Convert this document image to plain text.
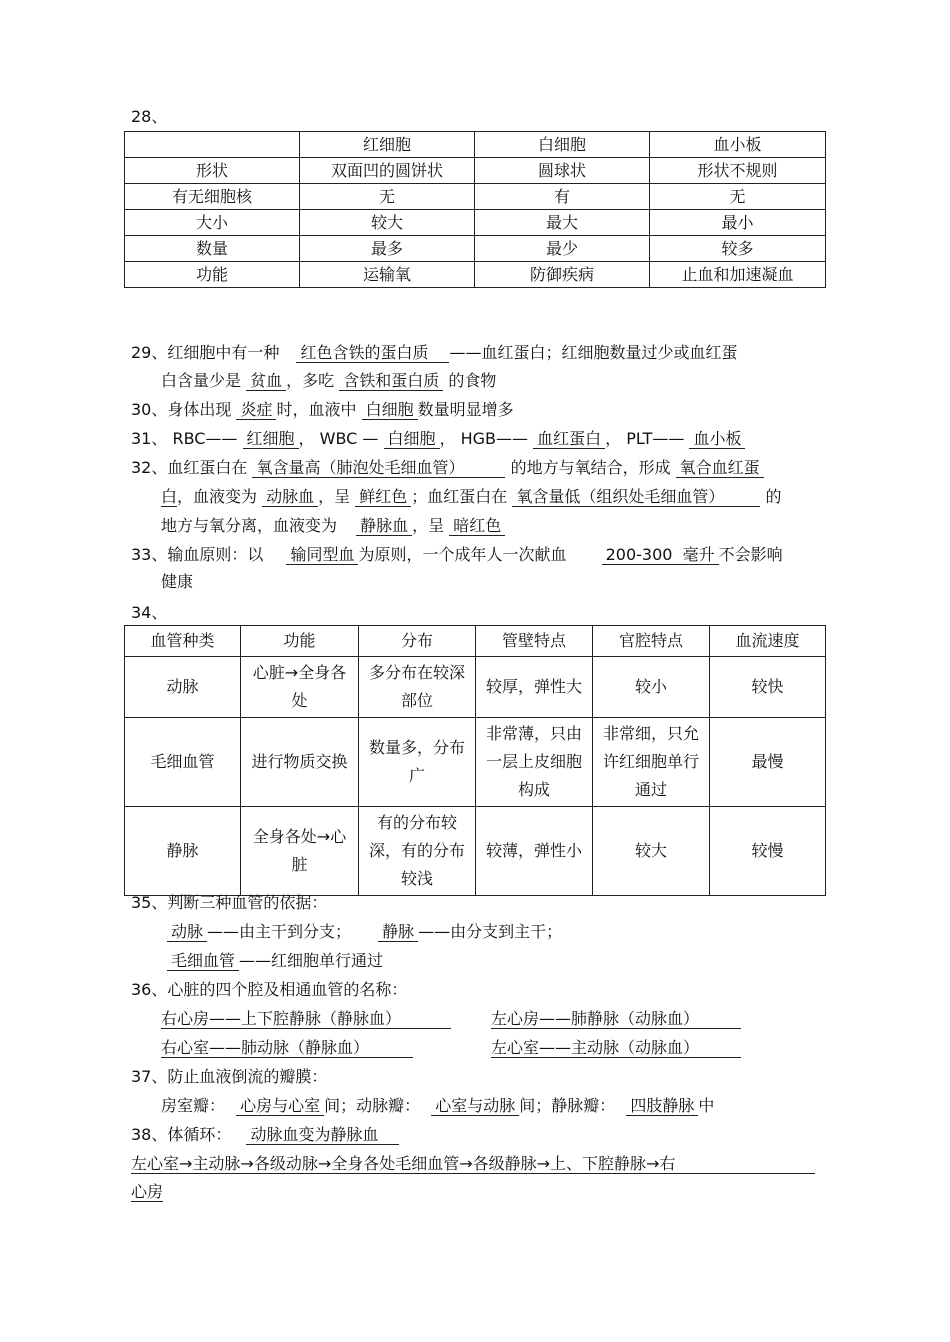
28、
	红细胞	白细胞	血小板
形状	双面凹的圆饼状	圆球状	形状不规则
有无细胞核	无	有	无
大小	较大	最大	最小
数量	最多	最少	较多
功能	运输氧	防御疾病	止血和加速凝血
29、红细胞中有一种 红色含铁的蛋白质 ——血红蛋白；红细胞数量过少或血红蛋
白含量少是 贫血 ，多吃 含铁和蛋白质 的食物
30、身体出现 炎症 时，血液中 白细胞 数量明显增多
31、 RBC—— 红细胞 ， WBC — 白细胞 ， HGB—— 血红蛋白 ， PLT—— 血小板
32、血红蛋白在 氧含量高（肺泡处毛细血管）	的地方与氧结合，形成 氧合血红蛋
白，血液变为 动脉血 ，呈 鲜红色 ；血红蛋白在 氧含量低（组织处毛细血管）	的
地方与氧分离，血液变为 静脉血 ，呈 暗红色
33、输血原则：以 输同型血 为原则，一个成年人一次献血 200-300  毫升 不会影响
健康
34、
血管种类	功能	分布	管壁特点	官腔特点	血流速度
动脉	心脏→全身各处	多分布在较深部位	较厚，弹性大	较小	较快
毛细血管	进行物质交换	数量多，分布广	非常薄，只由一层上皮细胞构成	非常细，只允许红细胞单行通过	最慢
静脉	全身各处→心脏	有的分布较深，有的分布较浅	较薄，弹性小	较大	较慢
35、判断三种血管的依据：
动脉 ——由主干到分支； 静脉 ——由分支到主干；
毛细血管 ——红细胞单行通过
36、心脏的四个腔及相通血管的名称：
右心房——上下腔静脉（静脉血）	左心房——肺静脉（动脉血）
右心室——肺动脉（静脉血）	左心室——主动脉（动脉血）
37、防止血液倒流的瓣膜：
房室瓣： 心房与心室 间；动脉瓣： 心室与动脉 间；静脉瓣： 四肢静脉 中
38、体循环： 动脉血变为静脉血
左心室→主动脉→各级动脉→全身各处毛细血管→各级静脉→上、下腔静脉→右
心房
